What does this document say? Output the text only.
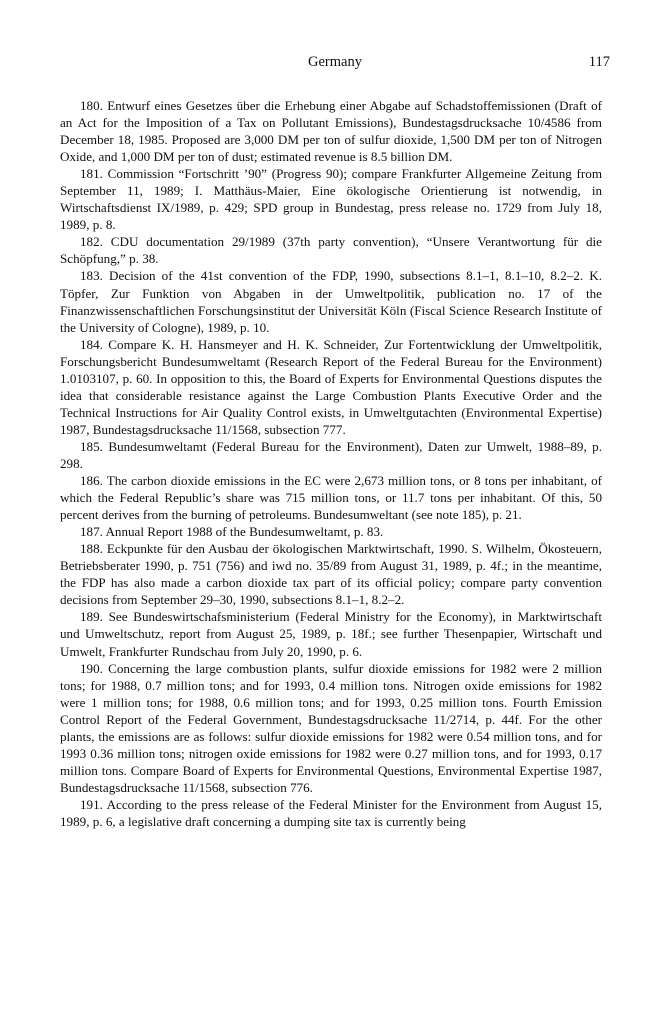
Germany	117

180. Entwurf eines Gesetzes über die Erhebung einer Abgabe auf Schadstoffemissionen (Draft of an Act for the Imposition of a Tax on Pollutant Emissions), Bundestagsdrucksache 10/4586 from December 18, 1985. Proposed are 3,000 DM per ton of sulfur dioxide, 1,500 DM per ton of Nitrogen Oxide, and 1,000 DM per ton of dust; estimated revenue is 8.5 billion DM.

181. Commission “Fortschritt ’90” (Progress 90); compare Frankfurter Allgemeine Zeitung from September 11, 1989; I. Matthäus-Maier, Eine ökologische Orientierung ist notwendig, in Wirtschaftsdienst IX/1989, p. 429; SPD group in Bundestag, press release no. 1729 from July 18, 1989, p. 8.

182. CDU documentation 29/1989 (37th party convention), “Unsere Verantwortung für die Schöpfung,” p. 38.

183. Decision of the 41st convention of the FDP, 1990, subsections 8.1–1, 8.1–10, 8.2–2. K. Töpfer, Zur Funktion von Abgaben in der Umweltpolitik, publication no. 17 of the Finanzwissenschaftlichen Forschungsinstitut der Universität Köln (Fiscal Science Research Institute of the University of Cologne), 1989, p. 10.

184. Compare K. H. Hansmeyer and H. K. Schneider, Zur Fortentwicklung der Umweltpolitik, Forschungsbericht Bundesumweltamt (Research Report of the Federal Bureau for the Environment) 1.0103107, p. 60. In opposition to this, the Board of Experts for Environmental Questions disputes the idea that considerable resistance against the Large Combustion Plants Executive Order and the Technical Instructions for Air Quality Control exists, in Umweltgutachten (Environmental Expertise) 1987, Bundestagsdrucksache 11/1568, subsection 777.

185. Bundesumweltamt (Federal Bureau for the Environment), Daten zur Umwelt, 1988–89, p. 298.

186. The carbon dioxide emissions in the EC were 2,673 million tons, or 8 tons per inhabitant, of which the Federal Republic’s share was 715 million tons, or 11.7 tons per inhabitant. Of this, 50 percent derives from the burning of petroleums. Bundesumweltant (see note 185), p. 21.

187. Annual Report 1988 of the Bundesumweltamt, p. 83.

188. Eckpunkte für den Ausbau der ökologischen Marktwirtschaft, 1990. S. Wilhelm, Ökosteuern, Betriebsberater 1990, p. 751 (756) and iwd no. 35/89 from August 31, 1989, p. 4f.; in the meantime, the FDP has also made a carbon dioxide tax part of its official policy; compare party convention decisions from September 29–30, 1990, subsections 8.1–1, 8.2–2.

189. See Bundeswirtschafsministerium (Federal Ministry for the Economy), in Marktwirtschaft und Umweltschutz, report from August 25, 1989, p. 18f.; see further Thesenpapier, Wirtschaft und Umwelt, Frankfurter Rundschau from July 20, 1990, p. 6.

190. Concerning the large combustion plants, sulfur dioxide emissions for 1982 were 2 million tons; for 1988, 0.7 million tons; and for 1993, 0.4 million tons. Nitrogen oxide emissions for 1982 were 1 million tons; for 1988, 0.6 million tons; and for 1993, 0.25 million tons. Fourth Emission Control Report of the Federal Government, Bundestagsdrucksache 11/2714, p. 44f. For the other plants, the emissions are as follows: sulfur dioxide emissions for 1982 were 0.54 million tons, and for 1993 0.36 million tons; nitrogen oxide emissions for 1982 were 0.27 million tons, and for 1993, 0.17 million tons. Compare Board of Experts for Environmental Questions, Environmental Expertise 1987, Bundestagsdrucksache 11/1568, subsection 776.

191. According to the press release of the Federal Minister for the Environment from August 15, 1989, p. 6, a legislative draft concerning a dumping site tax is currently being
